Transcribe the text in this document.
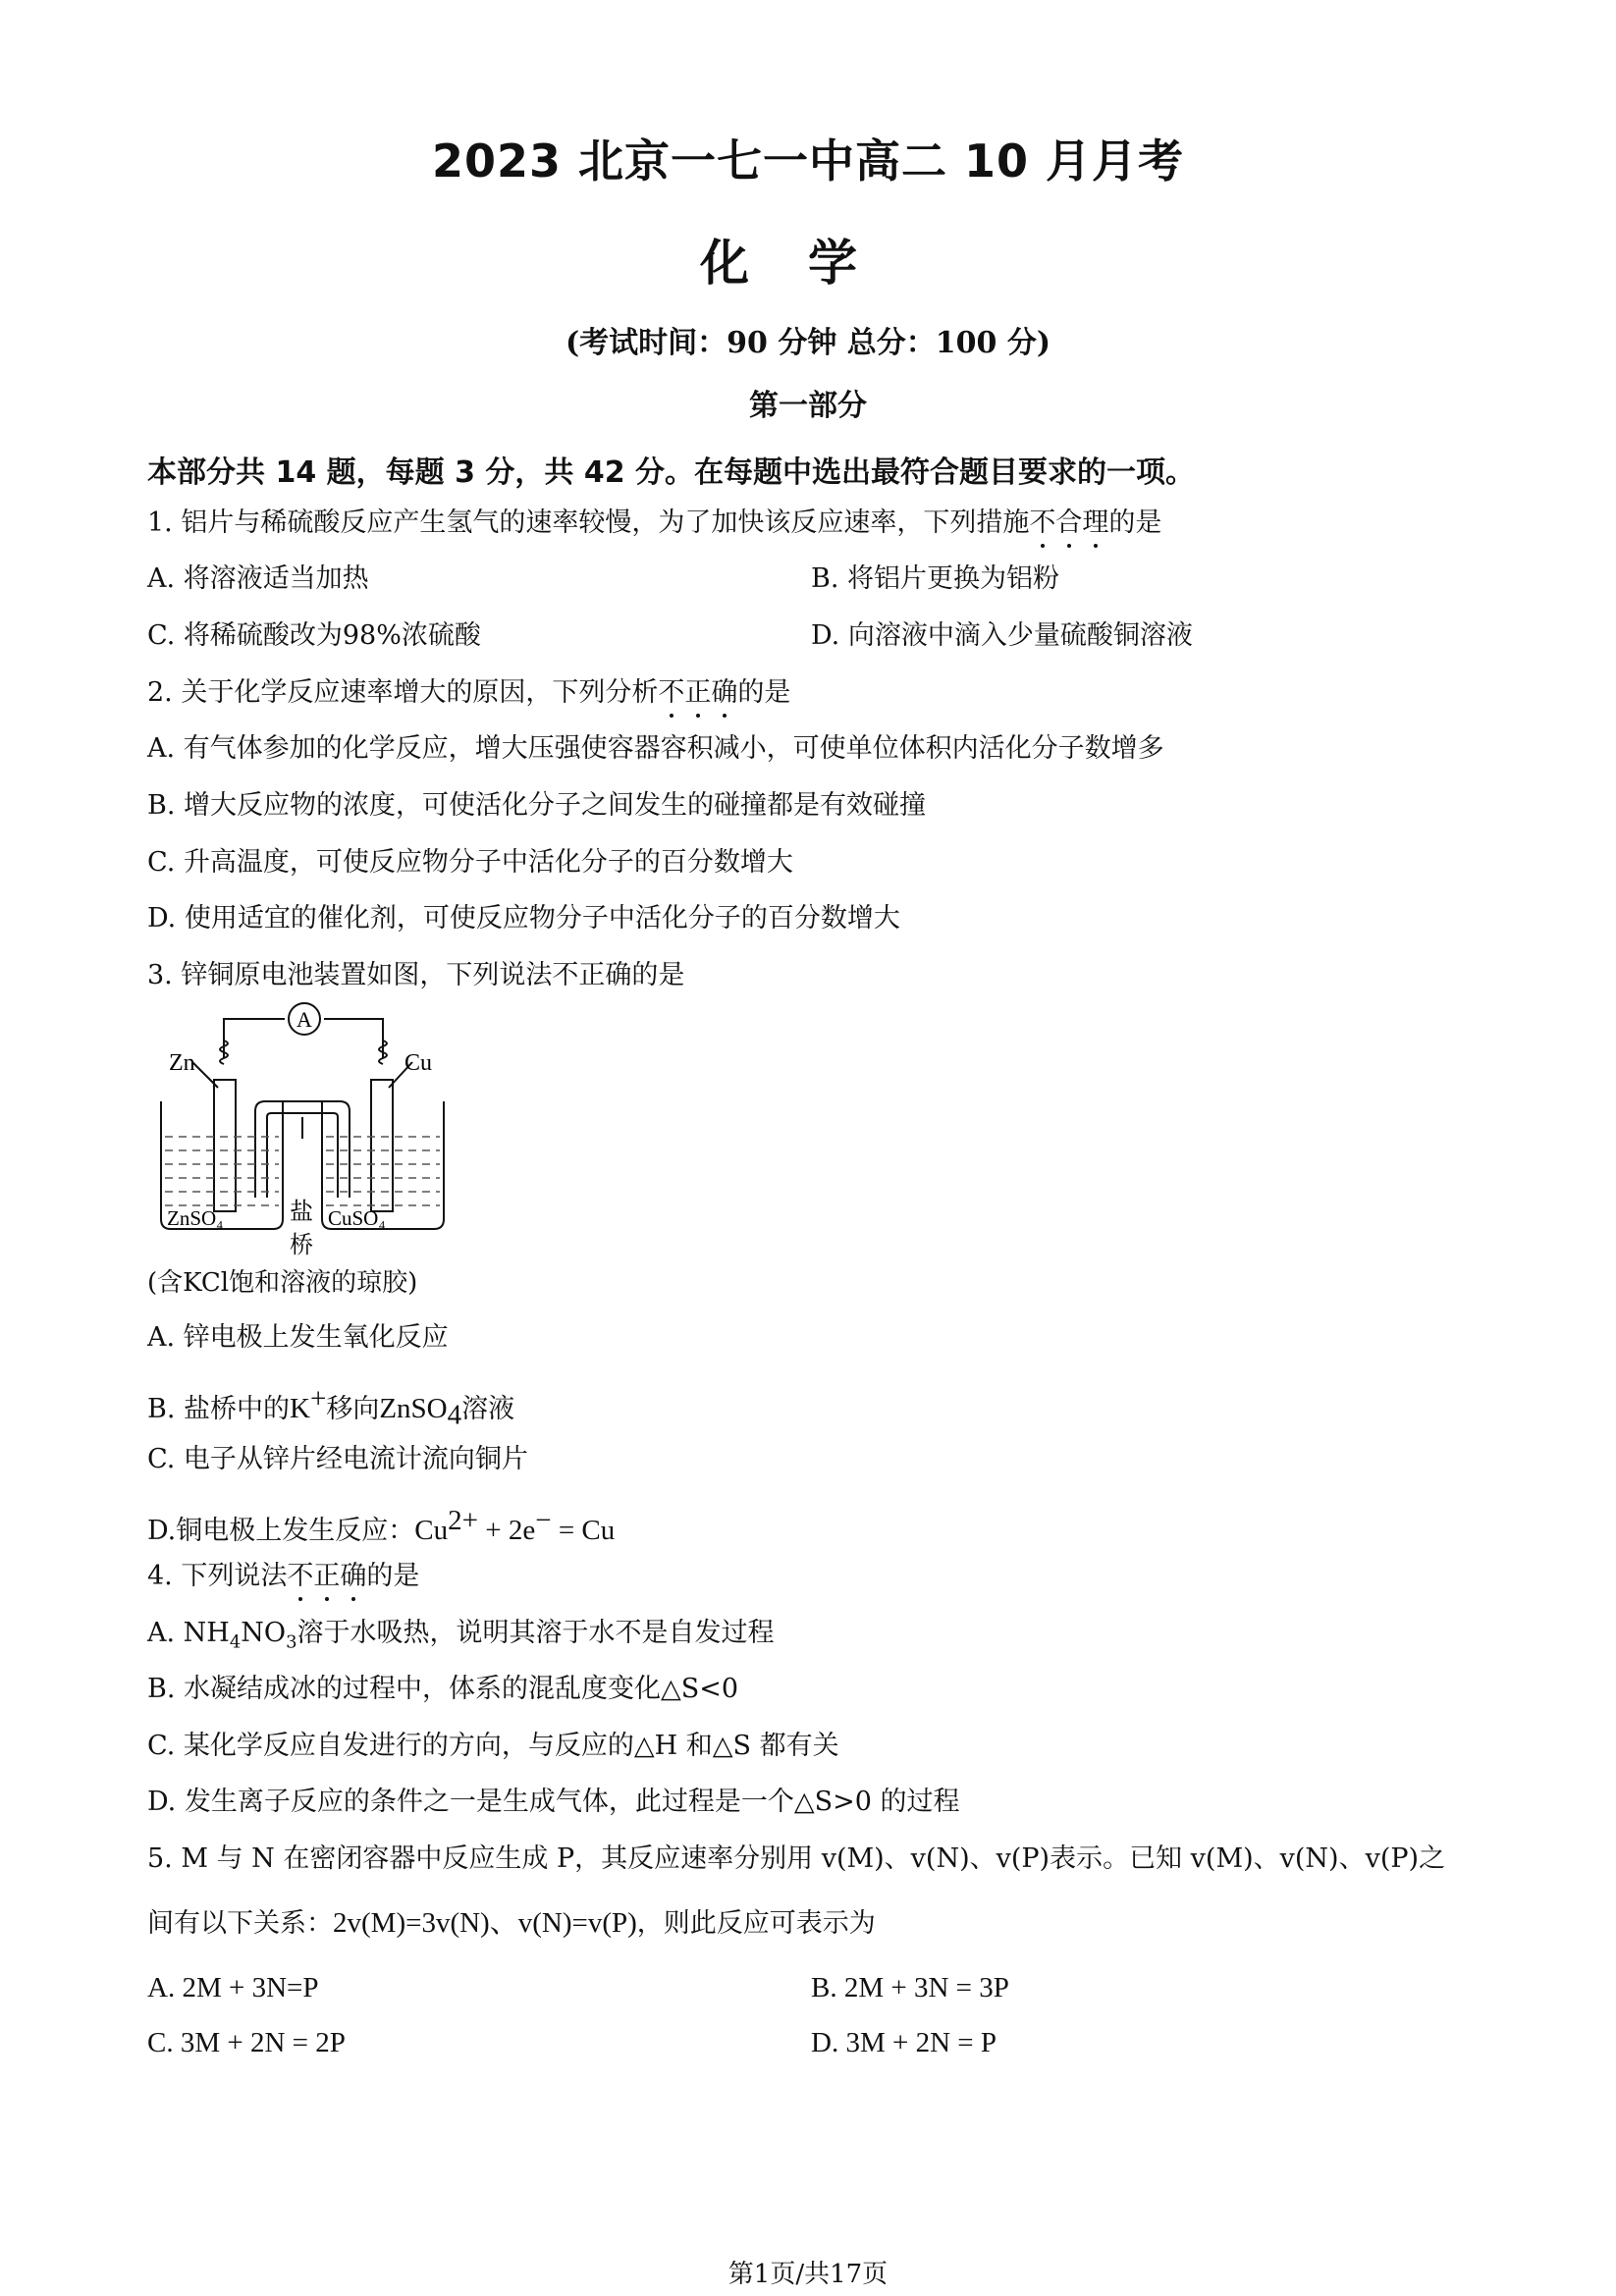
2023 北京一七一中高二 10 月月考
化学
(考试时间：90 分钟 总分：100 分)
第一部分
本部分共 14 题，每题 3 分，共 42 分。在每题中选出最符合题目要求的一项。
1. 铝片与稀硫酸反应产生氢气的速率较慢，为了加快该反应速率，下列措施不合理的是
A. 将溶液适当加热	B. 将铝片更换为铝粉
C. 将稀硫酸改为98%浓硫酸	D. 向溶液中滴入少量硫酸铜溶液
2. 关于化学反应速率增大的原因，下列分析不正确的是
A. 有气体参加的化学反应，增大压强使容器容积减小，可使单位体积内活化分子数增多
B. 增大反应物的浓度，可使活化分子之间发生的碰撞都是有效碰撞
C. 升高温度，可使反应物分子中活化分子的百分数增大
D. 使用适宜的催化剂，可使反应物分子中活化分子的百分数增大
3. 锌铜原电池装置如图，下列说法不正确的是
A
Zn	Cu
ZnSO₄	CuSO₄
盐
桥
(含KCl饱和溶液的琼胶)
A. 锌电极上发生氧化反应
B. 盐桥中的K+移向ZnSO$_4$溶液
C. 电子从锌片经电流计流向铜片
D.铜电极上发生反应：$Cu^{2+} + 2e^- = Cu$
4. 下列说法不正确的是
A. $NH_4NO_3$溶于水吸热，说明其溶于水不是自发过程
B. 水凝结成冰的过程中，体系的混乱度变化△S<0
C. 某化学反应自发进行的方向，与反应的△H 和△S 都有关
D. 发生离子反应的条件之一是生成气体，此过程是一个△S>0 的过程
5. M 与 N 在密闭容器中反应生成 P，其反应速率分别用 v(M)、v(N)、v(P)表示。已知 v(M)、v(N)、v(P)之
间有以下关系：2v(M)=3v(N)、v(N)=v(P)，则此反应可表示为
A. 2M + 3N=P	B. 2M + 3N = 3P
C. 3M + 2N = 2P	D. 3M + 2N = P
第1页/共17页
